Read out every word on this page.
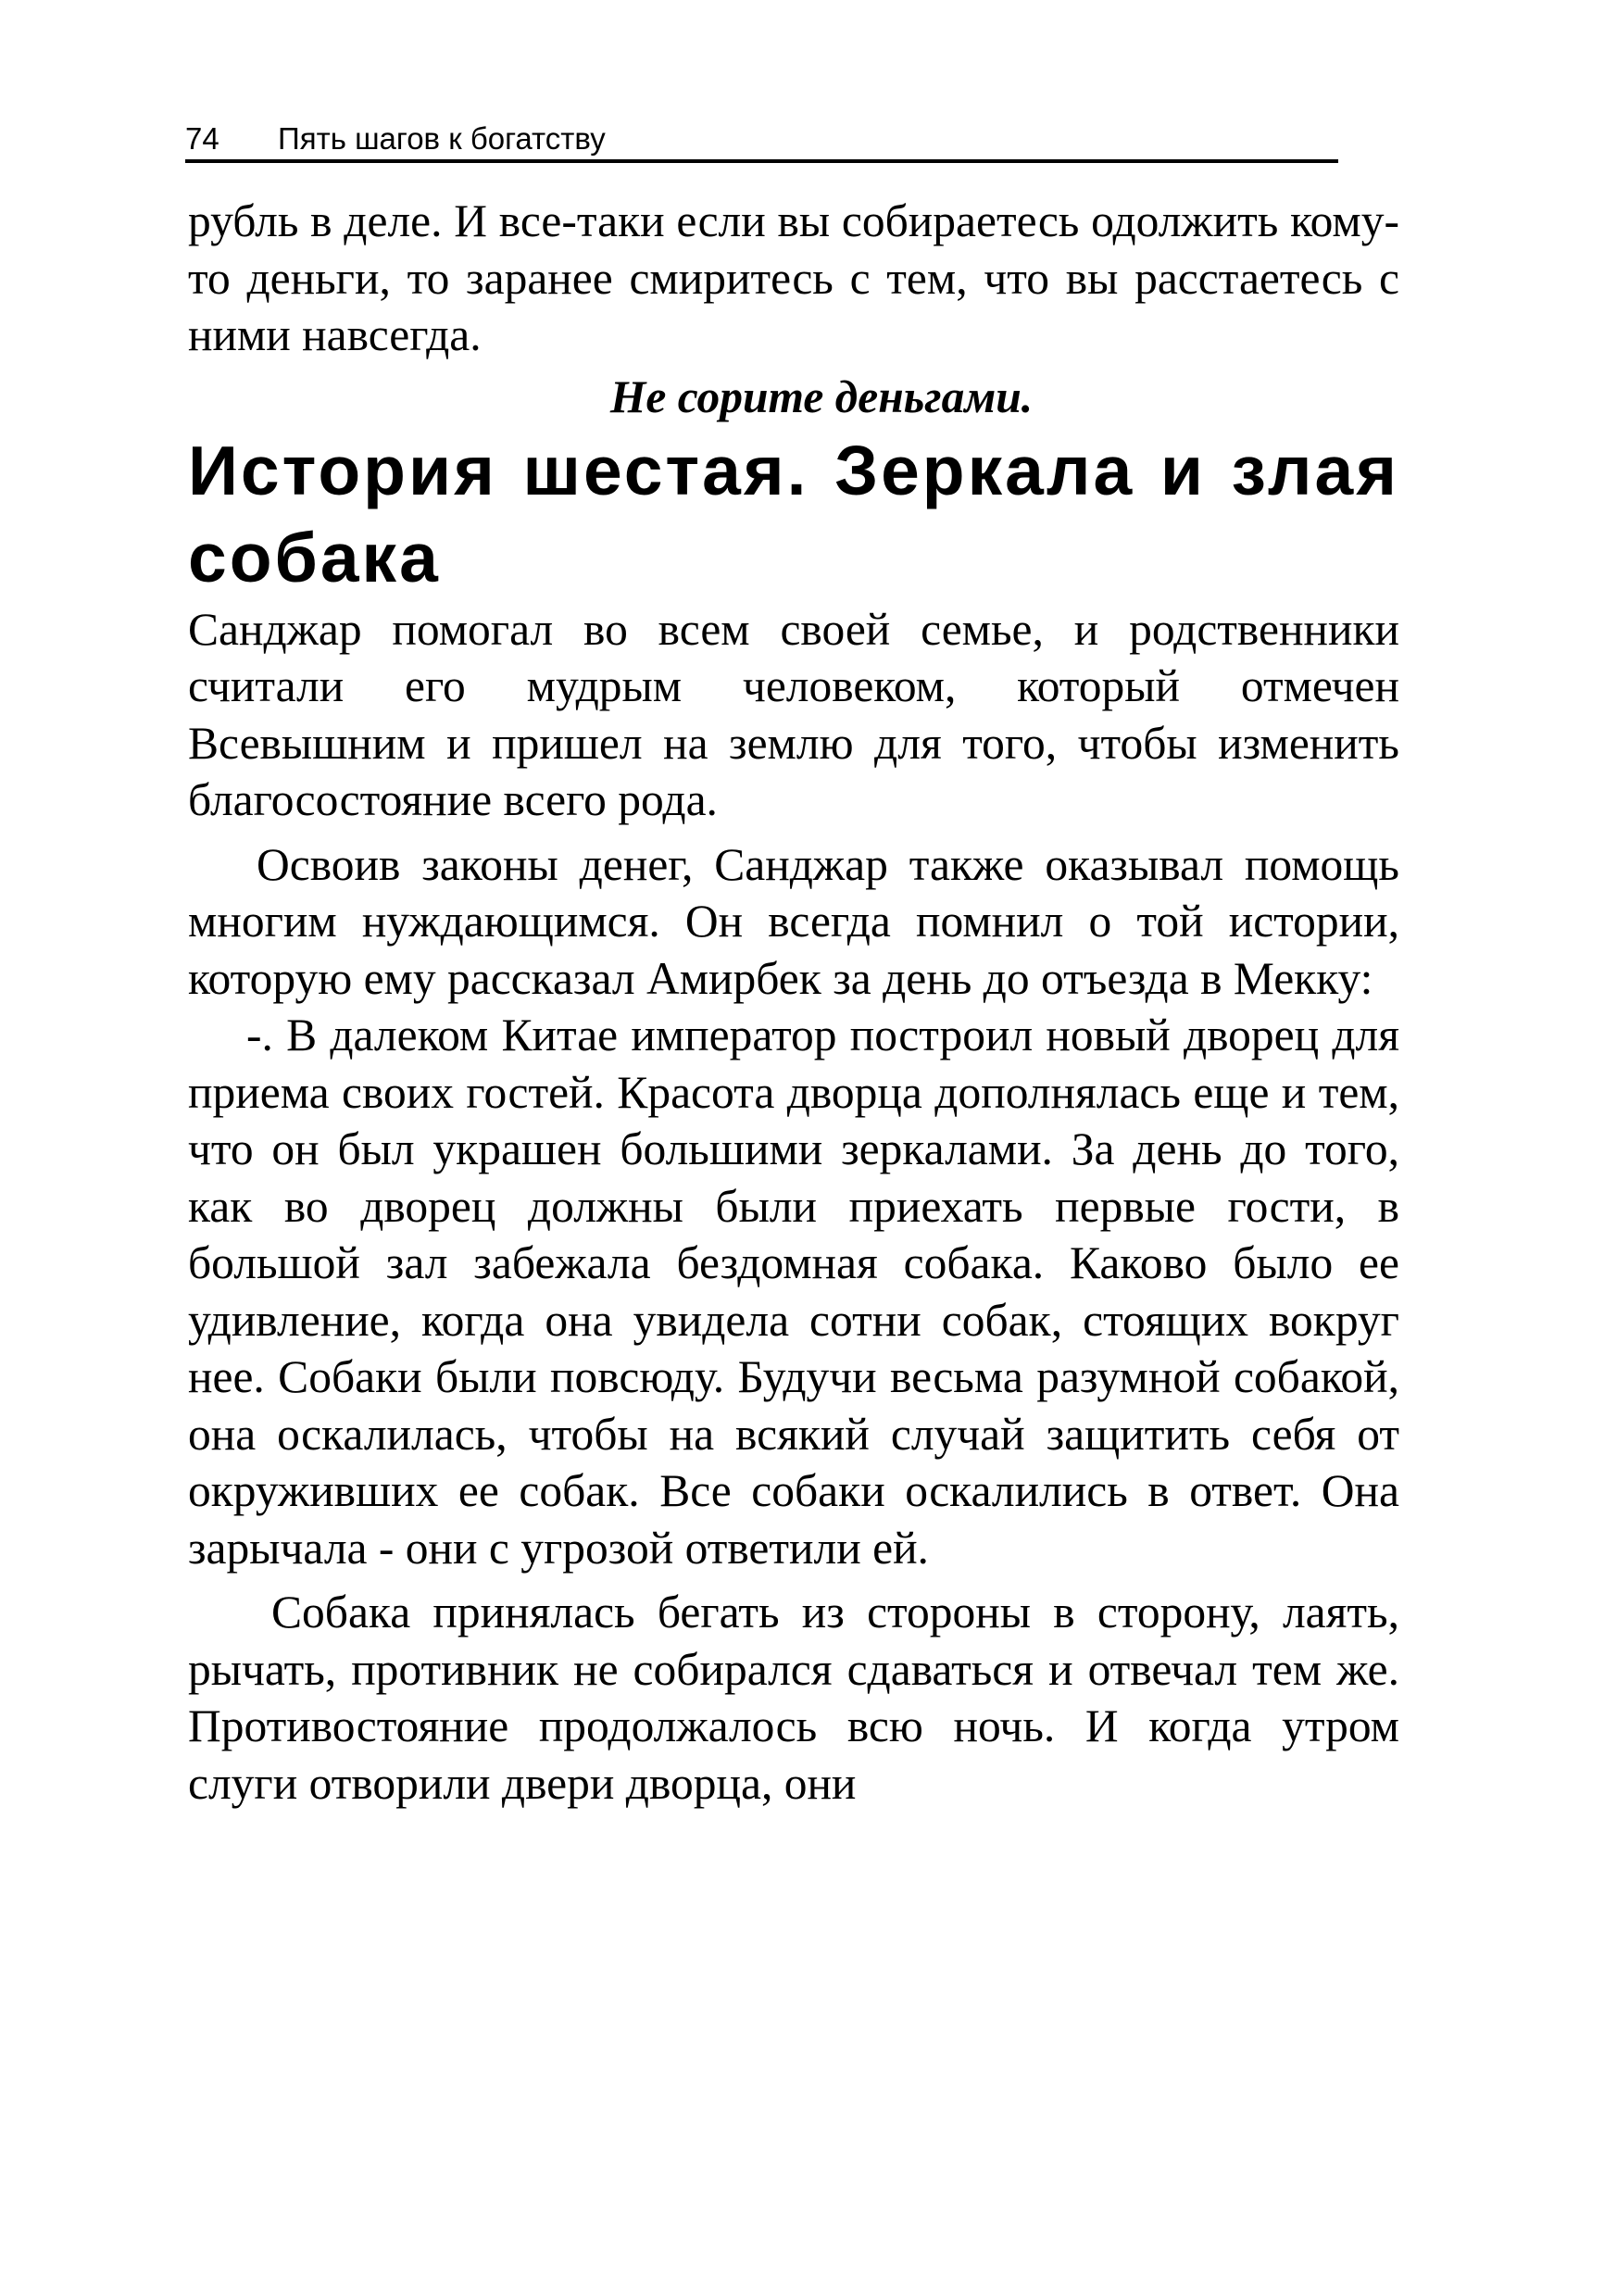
74 Пять шагов к богатству

рубль в деле. И все-таки если вы собираетесь одолжить кому-то деньги, то заранее смиритесь с тем, что вы расстаетесь с ними навсегда.

Не сорите деньгами.

История шестая. Зеркала и злая собака

Санджар помогал во всем своей семье, и родственники считали его мудрым человеком, который отмечен Всевышним и пришел на землю для того, чтобы изменить благосостояние всего рода.

Освоив законы денег, Санджар также оказывал помощь многим нуждающимся. Он всегда помнил о той истории, которую ему рассказал Амирбек за день до отъезда в Мекку:

-. В далеком Китае император построил новый дворец для приема своих гостей. Красота дворца дополнялась еще и тем, что он был украшен большими зеркалами. За день до того, как во дворец должны были приехать первые гости, в большой зал забежала бездомная собака. Каково было ее удивление, когда она увидела сотни собак, стоящих вокруг нее. Собаки были повсюду. Будучи весьма разумной собакой, она оскалилась, чтобы на всякий случай защитить себя от окруживших ее собак. Все собаки оскалились в ответ. Она зарычала - они с угрозой ответили ей.

Собака принялась бегать из стороны в сторону, лаять, рычать, противник не собирался сдаваться и отвечал тем же. Противостояние продолжалось всю ночь. И когда утром слуги отворили двери дворца, они
